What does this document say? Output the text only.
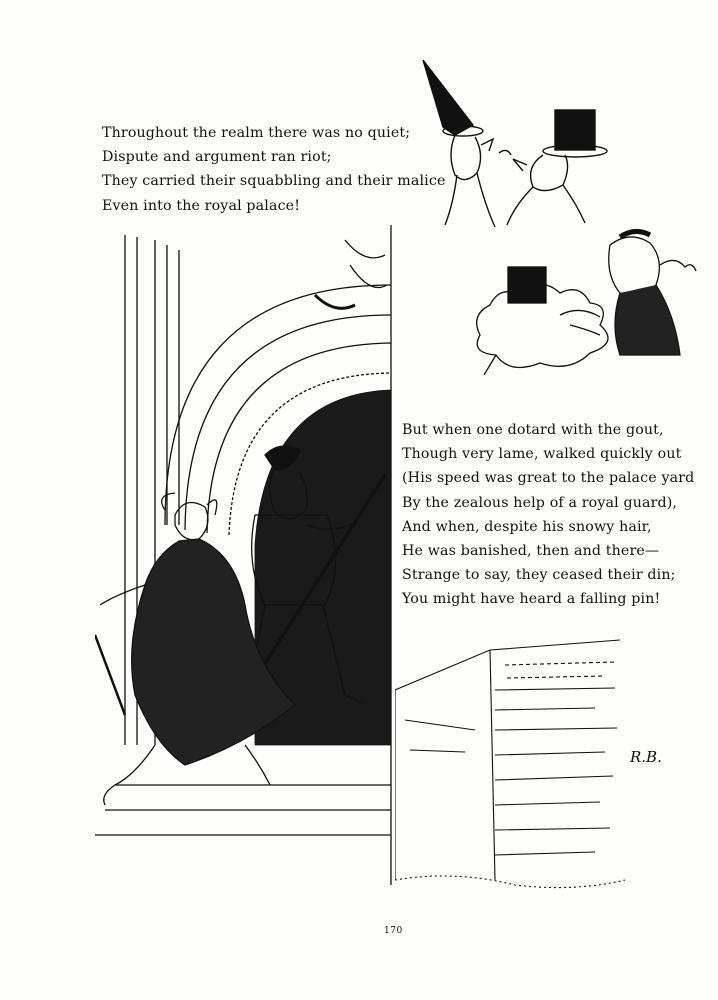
Throughout the realm there was no quiet;
Dispute and argument ran riot;
They carried their squabbling and their malice
Even into the royal palace!
But when one dotard with the gout,
Though very lame, walked quickly out
(His speed was great to the palace yard
By the zealous help of a royal guard),
And when, despite his snowy hair,
He was banished, then and there—
Strange to say, they ceased their din;
You might have heard a falling pin!
R.B.
170
